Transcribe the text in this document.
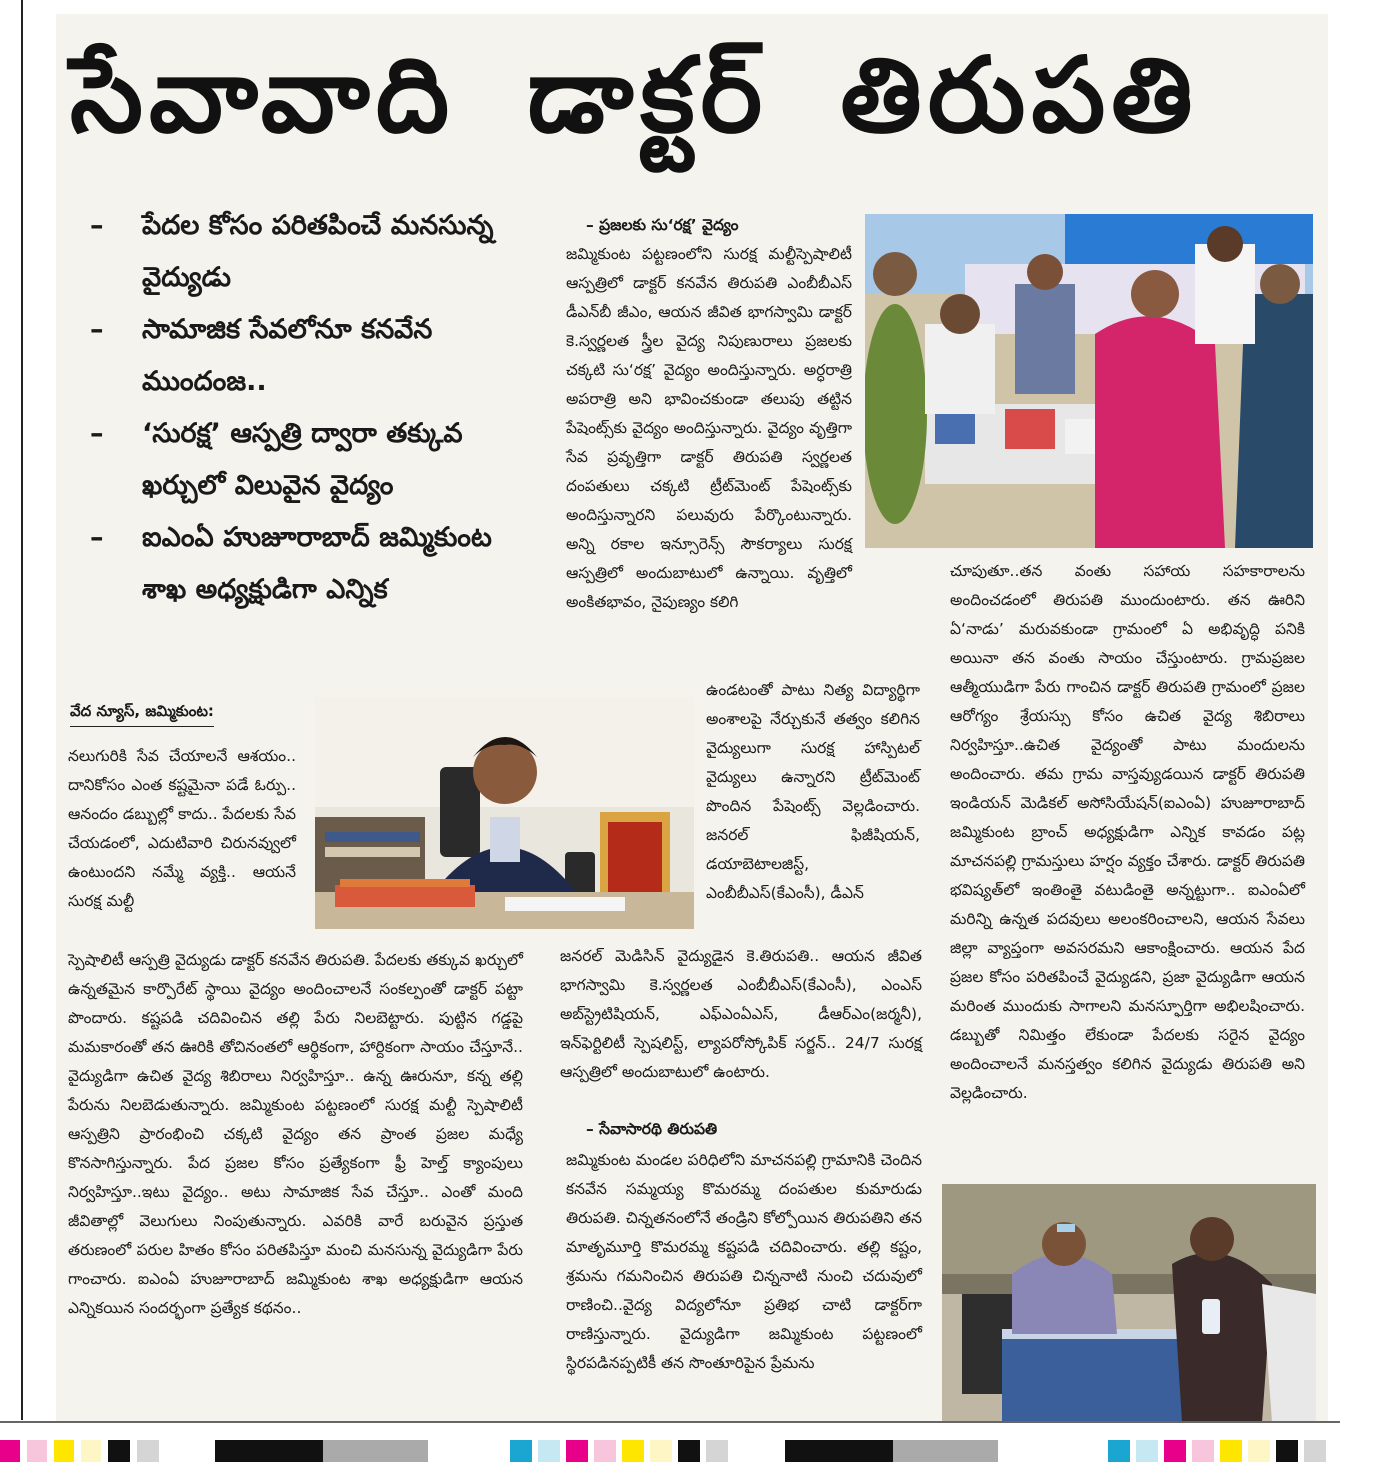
సేవావాది డాక్టర్ తిరుపతి
– పేదల కోసం పరితపించే మనసున్న వైద్యుడు
– సామాజిక సేవలోనూ కనవేన ముందంజ..
– ‘సురక్ష’ ఆస్పత్రి ద్వారా తక్కువ ఖర్చులో విలువైన వైద్యం
– ఐఎంఏ హుజూరాబాద్ జమ్మికుంట శాఖ అధ్యక్షుడిగా ఎన్నిక
వేద న్యూస్, జమ్మికుంట:

నలుగురికి సేవ చేయాలనే ఆశయం.. దానికోసం ఎంత కష్టమైనా పడే ఓర్పు.. ఆనందం డబ్బుల్లో కాదు.. పేదలకు సేవ చేయడంలో, ఎదుటివారి చిరునవ్వులో ఉంటుందని నమ్మే వ్యక్తి.. ఆయనే సురక్ష మల్టీ

స్పెషాలిటీ ఆస్పత్రి వైద్యుడు డాక్టర్ కనవేన తిరుపతి. పేదలకు తక్కువ ఖర్చులో ఉన్నతమైన కార్పొరేట్ స్థాయి వైద్యం అందించాలనే సంకల్పంతో డాక్టర్ పట్టా పొందారు. కష్టపడి చదివించిన తల్లి పేరు నిలబెట్టారు. పుట్టిన గడ్డపై మమకారంతో తన ఊరికి తోచినంతలో ఆర్థికంగా, హార్దికంగా సాయం చేస్తూనే.. వైద్యుడిగా ఉచిత వైద్య శిబిరాలు నిర్వహిస్తూ.. ఉన్న ఊరునూ, కన్న తల్లి పేరును నిలబెడుతున్నారు. జమ్మికుంట పట్టణంలో సురక్ష మల్టీ స్పెషాలిటీ ఆస్పత్రిని ప్రారంభించి చక్కటి వైద్యం తన ప్రాంత ప్రజల మధ్యే కొనసాగిస్తున్నారు. పేద ప్రజల కోసం ప్రత్యేకంగా ఫ్రీ హెల్త్ క్యాంపులు నిర్వహిస్తూ..ఇటు వైద్యం.. అటు సామాజిక సేవ చేస్తూ.. ఎంతో మంది జీవితాల్లో వెలుగులు నింపుతున్నారు. ఎవరికి వారే బరువైన ప్రస్తుత తరుణంలో పరుల హితం కోసం పరితపిస్తూ మంచి మనసున్న వైద్యుడిగా పేరు గాంచారు. ఐఎంఏ హుజూరాబాద్ జమ్మికుంట శాఖ అధ్యక్షుడిగా ఆయన ఎన్నికయిన సందర్భంగా ప్రత్యేక కథనం..

– ప్రజలకు సు‘రక్ష’ వైద్యం

జమ్మికుంట పట్టణంలోని సురక్ష మల్టీస్పెషాలిటీ ఆస్పత్రిలో డాక్టర్ కనవేన తిరుపతి ఎంబీబీఎస్ డీఎన్‌బీ జీఎం, ఆయన జీవిత భాగస్వామి డాక్టర్ కె.స్వర్ణలత స్త్రీల వైద్య నిపుణురాలు ప్రజలకు చక్కటి సు‘రక్ష’ వైద్యం అందిస్తున్నారు. అర్ధరాత్రి అపరాత్రి అని భావించకుండా తలుపు తట్టిన పేషెంట్స్‌కు వైద్యం అందిస్తున్నారు. వైద్యం వృత్తిగా సేవ ప్రవృత్తిగా డాక్టర్ తిరుపతి స్వర్ణలత దంపతులు చక్కటి ట్రీట్‌మెంట్ పేషెంట్స్‌కు అందిస్తున్నారని పలువురు పేర్కొంటున్నారు. అన్ని రకాల ఇన్సూరెన్స్ సౌకర్యాలు సురక్ష ఆస్పత్రిలో అందుబాటులో ఉన్నాయి. వృత్తిలో అంకితభావం, నైపుణ్యం కలిగి

ఉండటంతో పాటు నిత్య విద్యార్థిగా అంశాలపై నేర్చుకునే తత్వం కలిగిన వైద్యులుగా సురక్ష హాస్పిటల్ వైద్యులు ఉన్నారని ట్రీట్‌మెంట్ పొందిన పేషెంట్స్ వెల్లడించారు. జనరల్ ఫిజీషియన్, డయాబెటాలజిస్ట్, ఎంబీబీఎస్(కేఎంసీ), డీఎన్

జనరల్ మెడిసిన్ వైద్యుడైన కె.తిరుపతి.. ఆయన జీవిత భాగస్వామి కె.స్వర్ణలత ఎంబీబీఎస్(కేఎంసీ), ఎంఎస్ అబ్‌స్ట్రెటిషియన్, ఎఫ్‌ఎంఏఎస్, డీఆర్‌ఎం(జర్మనీ), ఇన్‌ఫెర్టిలిటీ స్పెషలిస్ట్, ల్యాపరోస్కోపిక్ సర్జన్.. 24/7 సురక్ష ఆస్పత్రిలో అందుబాటులో ఉంటారు.

– సేవాసారథి తిరుపతి

జమ్మికుంట మండల పరిధిలోని మాచనపల్లి గ్రామానికి చెందిన కనవేన సమ్మయ్య కొమరమ్మ దంపతుల కుమారుడు తిరుపతి. చిన్నతనంలోనే తండ్రిని కోల్పోయిన తిరుపతిని తన మాతృమూర్తి కొమరమ్మ కష్టపడి చదివించారు. తల్లి కష్టం, శ్రమను గమనించిన తిరుపతి చిన్ననాటి నుంచి చదువులో రాణించి..వైద్య విద్యలోనూ ప్రతిభ చాటి డాక్టర్‌గా రాణిస్తున్నారు. వైద్యుడిగా జమ్మికుంట పట్టణంలో స్థిరపడినప్పటికీ తన సొంతూరిపైన ప్రేమను

చూపుతూ..తన వంతు సహాయ సహకారాలను అందించడంలో తిరుపతి ముందుంటారు. తన ఊరిని ఏ‘నాడు’ మరువకుండా గ్రామంలో ఏ అభివృద్ధి పనికి అయినా తన వంతు సాయం చేస్తుంటారు. గ్రామప్రజల ఆత్మీయుడిగా పేరు గాంచిన డాక్టర్ తిరుపతి గ్రామంలో ప్రజల ఆరోగ్యం శ్రేయస్సు కోసం ఉచిత వైద్య శిబిరాలు నిర్వహిస్తూ..ఉచిత వైద్యంతో పాటు మందులను అందించారు. తమ గ్రామ వాస్తవ్యుడయిన డాక్టర్ తిరుపతి ఇండియన్ మెడికల్ అసోసియేషన్(ఐఎంఏ) హుజూరాబాద్ జమ్మికుంట బ్రాంచ్ అధ్యక్షుడిగా ఎన్నిక కావడం పట్ల మాచనపల్లి గ్రామస్తులు హర్షం వ్యక్తం చేశారు. డాక్టర్ తిరుపతి భవిష్యత్‌లో ఇంతింతై వటుడింతై అన్నట్టుగా.. ఐఎంఏలో మరిన్ని ఉన్నత పదవులు అలంకరించాలని, ఆయన సేవలు జిల్లా వ్యాప్తంగా అవసరమని ఆకాంక్షించారు. ఆయన పేద ప్రజల కోసం పరితపించే వైద్యుడని, ప్రజా వైద్యుడిగా ఆయన మరింత ముందుకు సాగాలని మనస్ఫూర్తిగా అభిలషించారు. డబ్బుతో నిమిత్తం లేకుండా పేదలకు సరైన వైద్యం అందించాలనే మనస్తత్వం కలిగిన వైద్యుడు తిరుపతి అని వెల్లడించారు.
